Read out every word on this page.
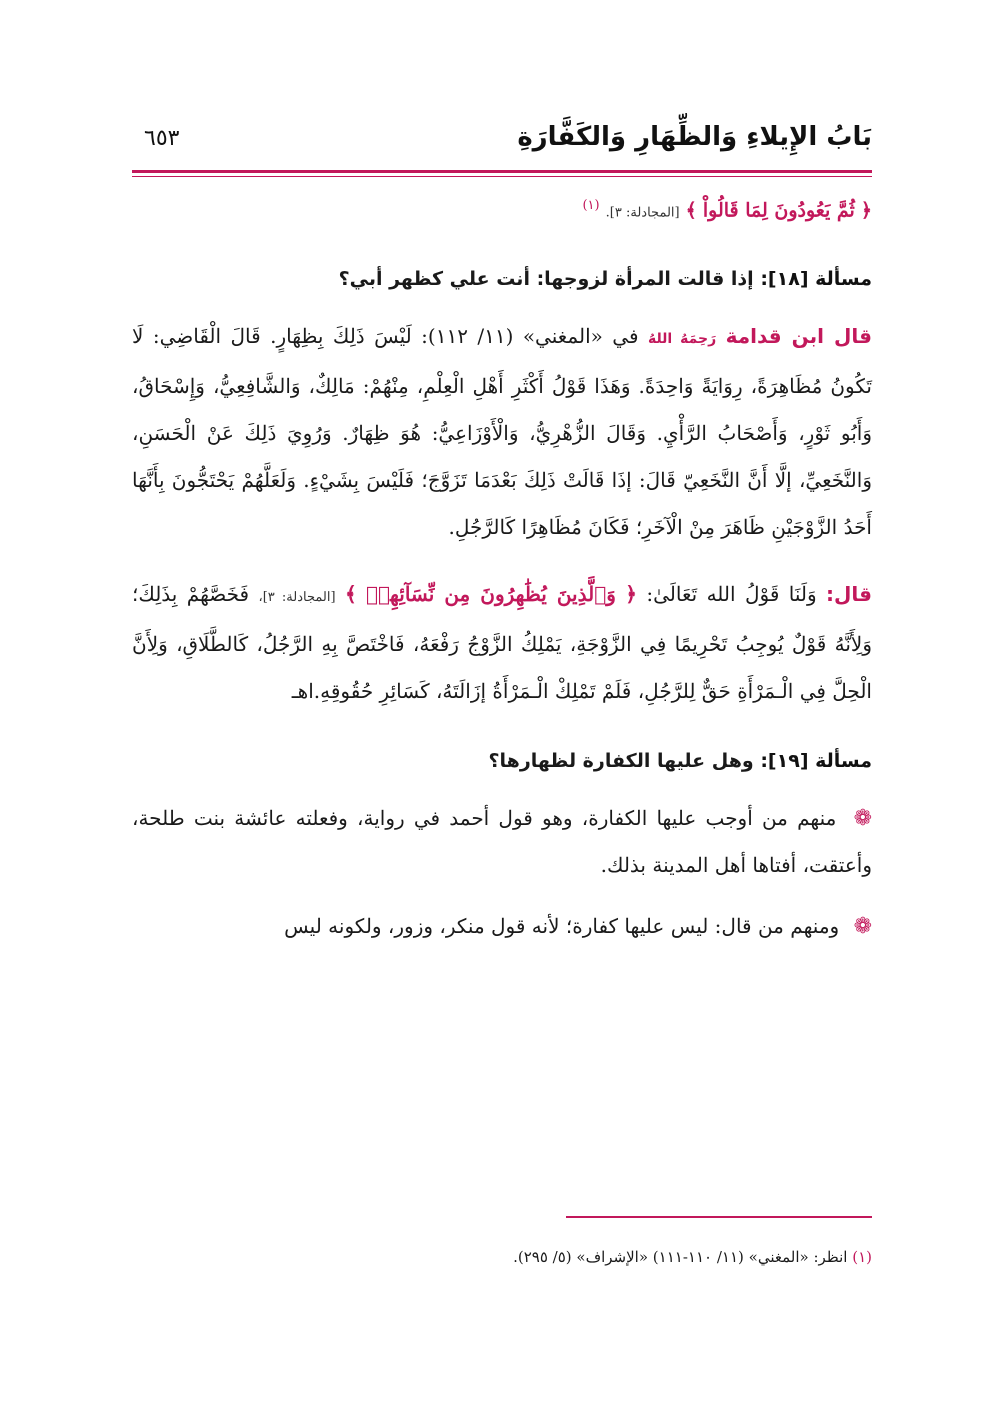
بَابُ الإِيلاءِ وَالظِّهَارِ وَالكَفَّارَةِ
٦٥٣

﴿ ثُمَّ يَعُودُونَ لِمَا قَالُواْ ﴾ [المجادلة: ٣]. $^{(١)}$

مسألة [١٨]: إذا قالت المرأة لزوجها: أنت علي كظهر أبي؟

قال ابن قدامة رَحِمَهُ اللهُ في «المغني» (١١/ ١١٢): لَيْسَ ذَلِكَ بِظِهَارٍ. قَالَ الْقَاضِي: لَا تَكُونُ مُظَاهِرَةً، رِوَايَةً وَاحِدَةً. وَهَذَا قَوْلُ أَكْثَرِ أَهْلِ الْعِلْمِ، مِنْهُمْ: مَالِكٌ، وَالشَّافِعِيُّ، وَإِسْحَاقُ، وَأَبُو ثَوْرٍ، وَأَصْحَابُ الرَّأْيِ. وَقَالَ الزُّهْرِيُّ، وَالْأَوْزَاعِيُّ: هُوَ ظِهَارٌ. وَرُوِيَ ذَلِكَ عَنْ الْحَسَنِ، وَالنَّخَعِيِّ، إلَّا أَنَّ النَّخَعِيّ قَالَ: إذَا قَالَتْ ذَلِكَ بَعْدَمَا تَزَوَّجَ؛ فَلَيْسَ بِشَيْءٍ. وَلَعَلَّهُمْ يَحْتَجُّونَ بِأَنَّهَا أَحَدُ الزَّوْجَيْنِ ظَاهَرَ مِنْ الْآخَرِ؛ فَكَانَ مُظَاهِرًا كَالرَّجُلِ.

قال: وَلَنَا قَوْلُ الله تَعَالَىٰ: ﴿ وَٱلَّذِينَ يُظَٰهِرُونَ مِن نِّسَآئِهِمۡ ﴾ [المجادلة: ٣]، فَخَصَّهُمْ بِذَلِكَ؛ وَلِأَنَّهُ قَوْلٌ يُوجِبُ تَحْرِيمًا فِي الزَّوْجَةِ، يَمْلِكُ الزَّوْجُ رَفْعَهُ، فَاخْتَصَّ بِهِ الرَّجُلُ، كَالطَّلَاقِ، وَلِأَنَّ الْحِلَّ فِي الْـمَرْأَةِ حَقٌّ لِلرَّجُلِ، فَلَمْ تَمْلِكْ الْـمَرْأَةُ إزَالَتَهُ، كَسَائِرِ حُقُوقِهِ.اهـ

مسألة [١٩]: وهل عليها الكفارة لظهارها؟

❁ منهم من أوجب عليها الكفارة، وهو قول أحمد في رواية، وفعلته عائشة بنت طلحة، وأعتقت، أفتاها أهل المدينة بذلك.

❁ ومنهم من قال: ليس عليها كفارة؛ لأنه قول منكر، وزور، ولكونه ليس

(١) انظر: «المغني» (١١/ ١١٠-١١١) «الإشراف» (٥/ ٢٩٥).
